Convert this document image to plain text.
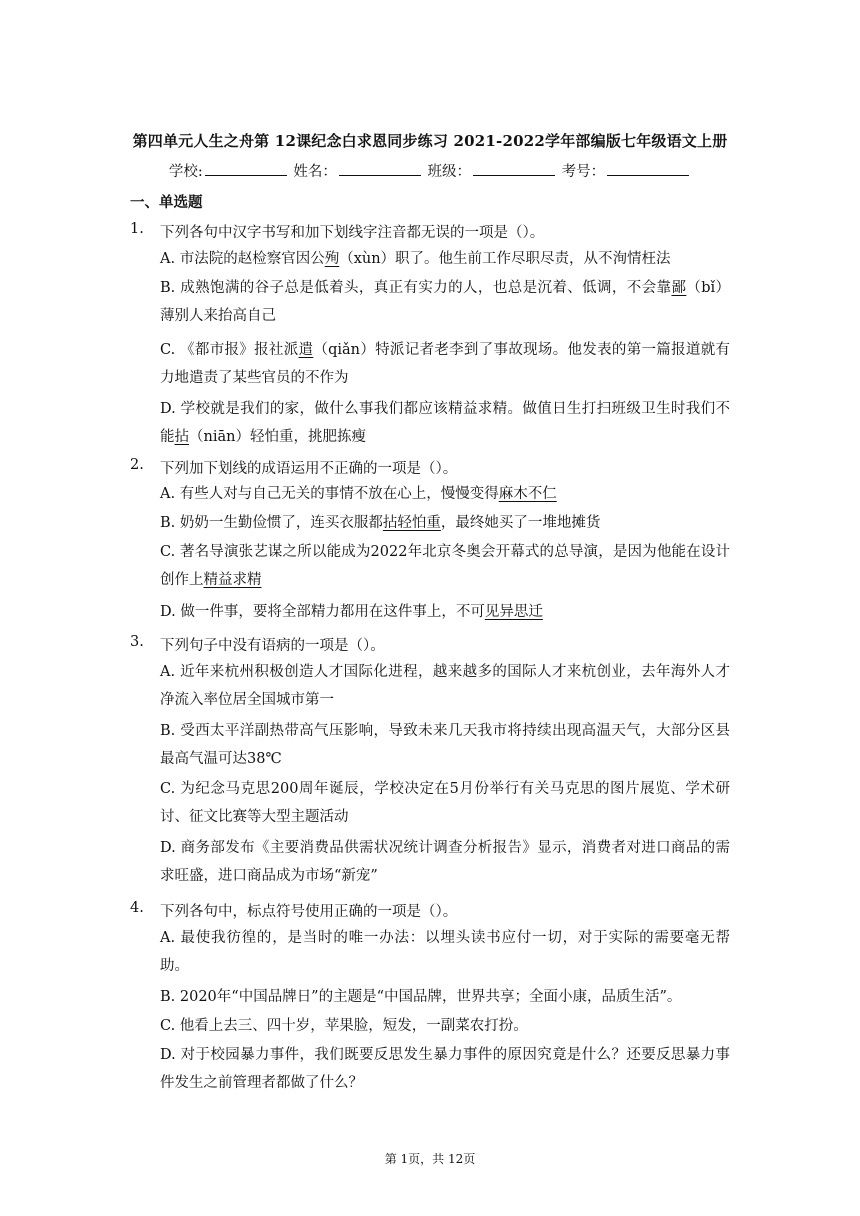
第四单元人生之舟第 12课纪念白求恩同步练习 2021-2022学年部编版七年级语文上册
学校:	姓名：	班级：	考号：
一、单选题
1. 下列各句中汉字书写和加下划线字注音都无误的一项是（）。
A. 市法院的赵检察官因公殉（xùn）职了。他生前工作尽职尽责，从不洵情枉法
B. 成熟饱满的谷子总是低着头，真正有实力的人，也总是沉着、低调，不会靠鄙（bǐ）薄别人来抬高自己
C. 《都市报》报社派遣（qiǎn）特派记者老李到了事故现场。他发表的第一篇报道就有力地遣责了某些官员的不作为
D. 学校就是我们的家，做什么事我们都应该精益求精。做值日生打扫班级卫生时我们不能拈（niān）轻怕重，挑肥拣瘦
2. 下列加下划线的成语运用不正确的一项是（）。
A. 有些人对与自己无关的事情不放在心上，慢慢变得麻木不仁
B. 奶奶一生勤俭惯了，连买衣服都拈轻怕重，最终她买了一堆地摊货
C. 著名导演张艺谋之所以能成为2022年北京冬奥会开幕式的总导演，是因为他能在设计创作上精益求精
D. 做一件事，要将全部精力都用在这件事上，不可见异思迁
3. 下列句子中没有语病的一项是（）。
A. 近年来杭州积极创造人才国际化进程，越来越多的国际人才来杭创业，去年海外人才净流入率位居全国城市第一
B. 受西太平洋副热带高气压影响，导致未来几天我市将持续出现高温天气，大部分区县最高气温可达38℃
C. 为纪念马克思200周年诞辰，学校决定在5月份举行有关马克思的图片展览、学术研讨、征文比赛等大型主题活动
D. 商务部发布《主要消费品供需状况统计调查分析报告》显示，消费者对进口商品的需求旺盛，进口商品成为市场“新宠”
4. 下列各句中，标点符号使用正确的一项是（）。
A. 最使我彷徨的，是当时的唯一办法：以埋头读书应付一切，对于实际的需要毫无帮助。
B. 2020年“中国品牌日”的主题是“中国品牌，世界共享；全面小康，品质生活”。
C. 他看上去三、四十岁，苹果脸，短发，一副菜农打扮。
D. 对于校园暴力事件，我们既要反思发生暴力事件的原因究竟是什么？还要反思暴力事件发生之前管理者都做了什么？
第 1页，共 12页
